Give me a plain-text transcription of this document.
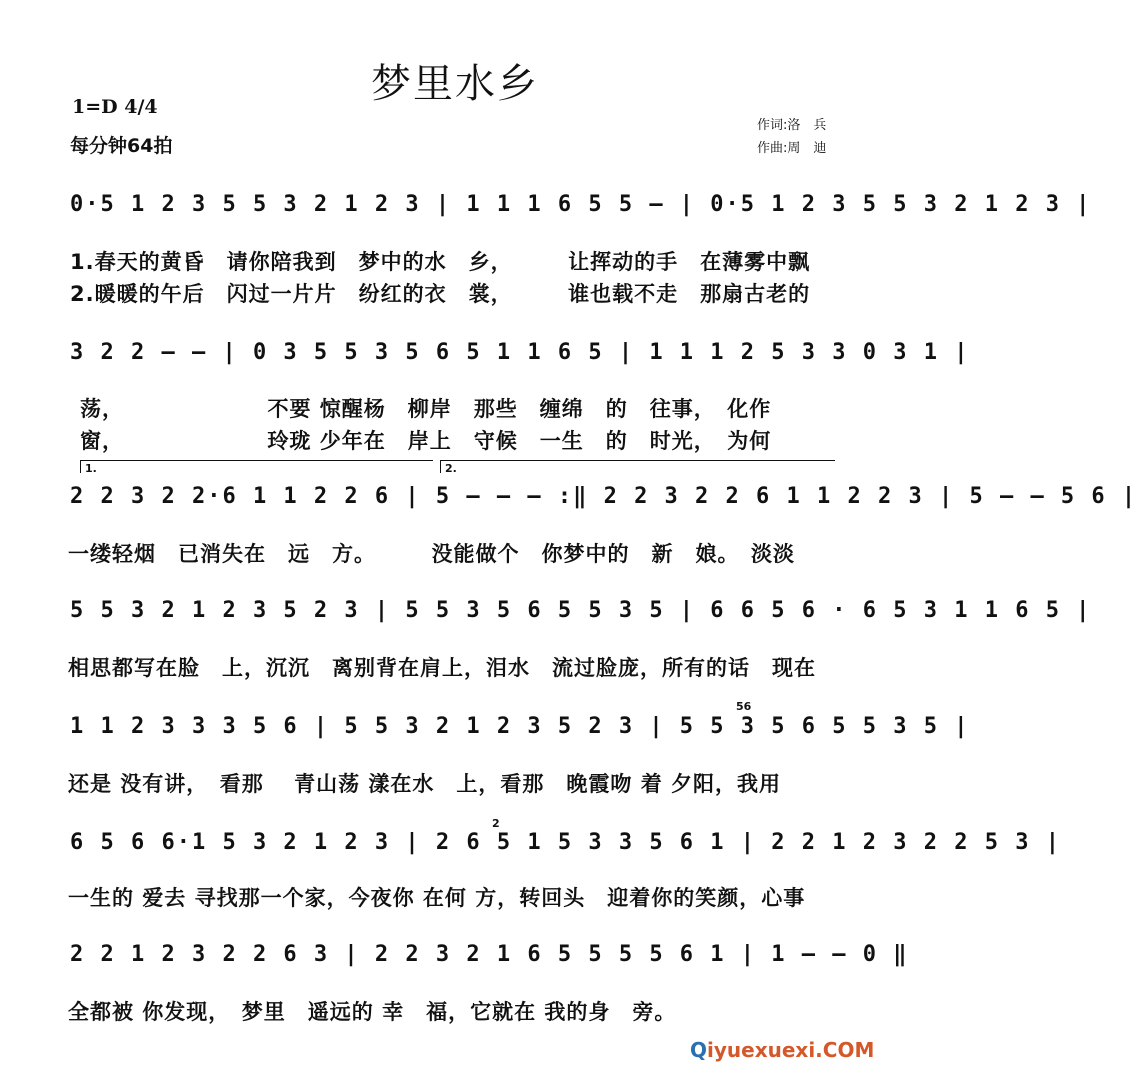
梦里水乡
1=D 4/4
每分钟64拍
作词:洛　兵
作曲:周　迪
0·5 1 2 3 5 5 3 2 1 2 3 | 1 1 1 6 5 5 – | 0·5 1 2 3 5 5 3 2 1 2 3 |
1.春天的黄昏　请你陪我到　梦中的水　乡，　　　让挥动的手　在薄雾中飘
2.暖暖的午后　闪过一片片　纷红的衣　裳，　　　谁也载不走　那扇古老的
3 2 2 – – | 0 3 5 5 3 5 6 5 1 1 6 5 | 1 1 1 2 5 3 3 0 3 1 |
荡，　　　　　　　不要 惊醒杨　柳岸　那些　缠绵　的　往事，　化作
窗，　　　　　　　玲珑 少年在　岸上　守候　一生　的　时光，　为何
1.	2.
2 2 3 2 2·6 1 1 2 2 6 | 5 – – – :‖ 2 2 3 2 2 6 1 1 2 2 3 | 5 – – 5 6 |
一缕轻烟　已消失在　远　方。　　　没能做个　你梦中的　新　娘。　淡淡
5 5 3 2 1 2 3 5 2 3 | 5 5 3 5 6 5 5 3 5 | 6 6 5 6 · 6 5 3 1 1 6 5 |
相思都写在脸　上，沉沉　离别背在肩上，泪水　流过脸庞，所有的话　现在
56
1 1 2 3 3 3 5 6 | 5 5 3 2 1 2 3 5 2 3 | 5 5 3 5 6 5 5 3 5 |
还是 没有讲，　看那　 青山荡 漾在水　上，看那　晚霞吻 着 夕阳，我用
2
6 5 6 6·1 5 3 2 1 2 3 | 2 6 5 1 5 3 3 5 6 1 | 2 2 1 2 3 2 2 5 3 |
一生的 爱去 寻找那一个家，今夜你 在何 方，转回头　迎着你的笑颜，心事
2 2 1 2 3 2 2 6 3 | 2 2 3 2 1 6 5 5 5 5 6 1 | 1 – – 0 ‖
全都被 你发现，　梦里　遥远的 幸　福，它就在 我的身　旁。
Qiyuexuexi.COM
